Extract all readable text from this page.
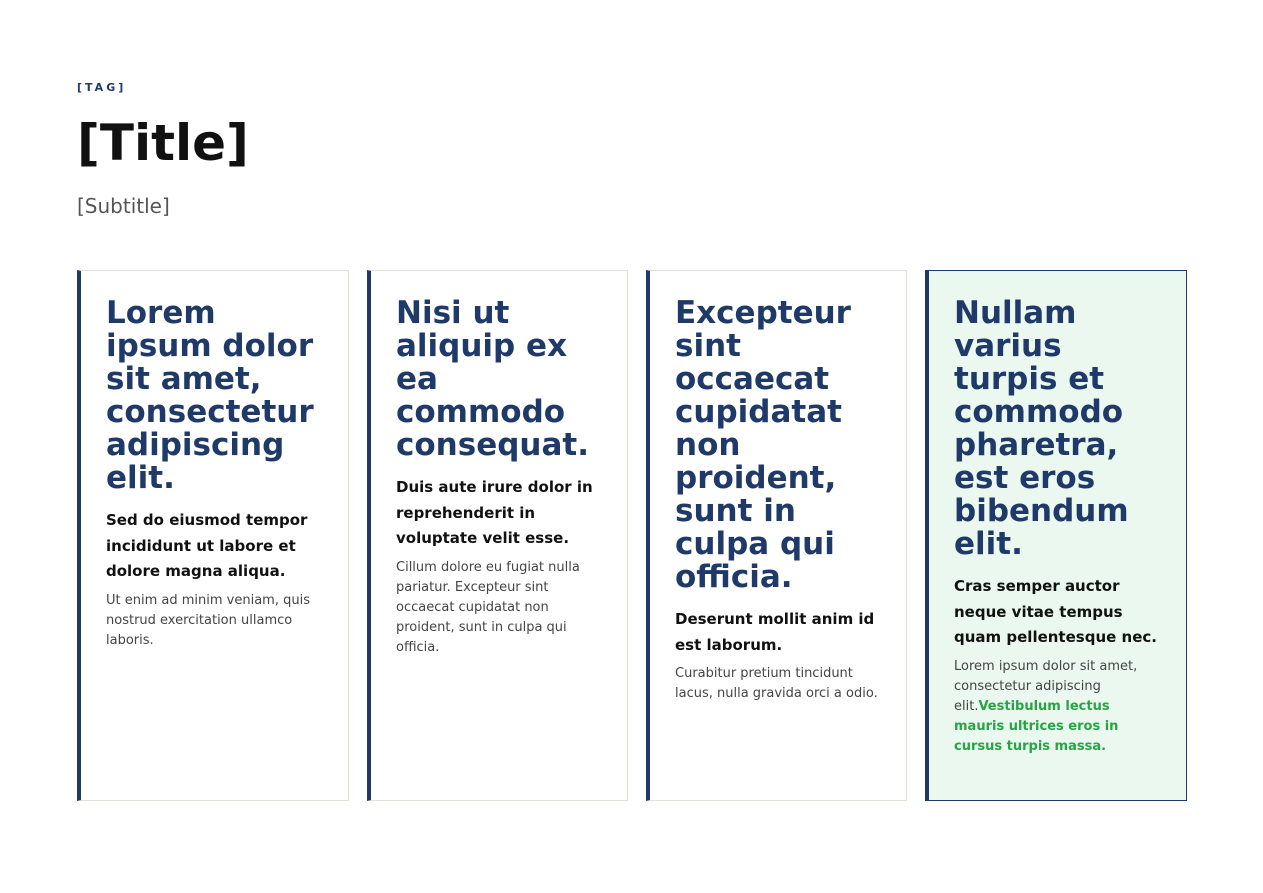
[TAG]
[Title]
[Subtitle]
Lorem ipsum dolor sit amet, consectetur adipiscing elit.

Sed do eiusmod tempor incididunt ut labore et dolore magna aliqua.

Ut enim ad minim veniam, quis nostrud exercitation ullamco laboris.

Nisi ut aliquip ex ea commodo consequat.

Duis aute irure dolor in reprehenderit in voluptate velit esse.

Cillum dolore eu fugiat nulla pariatur. Excepteur sint occaecat cupidatat non proident, sunt in culpa qui officia.

Excepteur sint occaecat cupidatat non proident, sunt in culpa qui officia.

Deserunt mollit anim id est laborum.

Curabitur pretium tincidunt lacus, nulla gravida orci a odio.

Nullam varius turpis et commodo pharetra, est eros bibendum elit.

Cras semper auctor neque vitae tempus quam pellentesque nec.

Lorem ipsum dolor sit amet, consectetur adipiscing elit.Vestibulum lectus mauris ultrices eros in cursus turpis massa.
